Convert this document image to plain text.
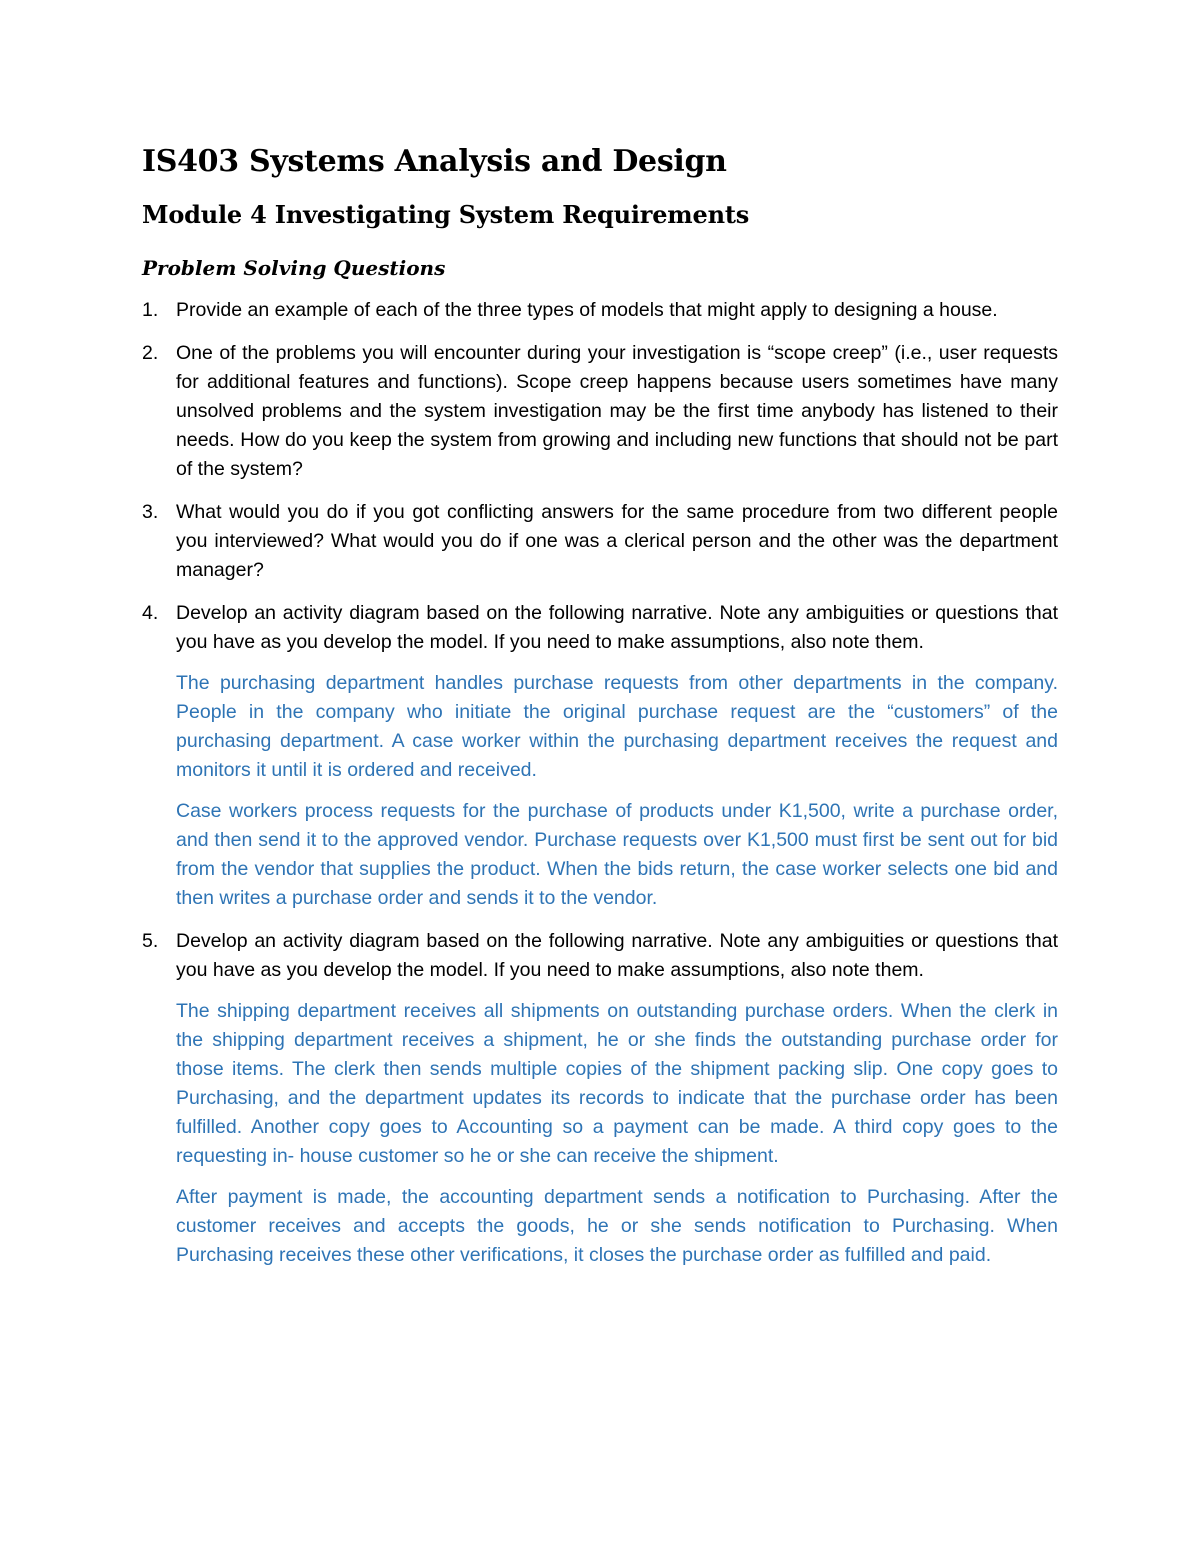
IS403 Systems Analysis and Design
Module 4 Investigating System Requirements
Problem Solving Questions
1. Provide an example of each of the three types of models that might apply to designing a house.

2. One of the problems you will encounter during your investigation is “scope creep” (i.e., user requests for additional features and functions). Scope creep happens because users sometimes have many unsolved problems and the system investigation may be the first time anybody has listened to their needs. How do you keep the system from growing and including new functions that should not be part of the system?

3. What would you do if you got conflicting answers for the same procedure from two different people you interviewed? What would you do if one was a clerical person and the other was the department manager?

4. Develop an activity diagram based on the following narrative. Note any ambiguities or questions that you have as you develop the model. If you need to make assumptions, also note them.

The purchasing department handles purchase requests from other departments in the company. People in the company who initiate the original purchase request are the “customers” of the purchasing department. A case worker within the purchasing department receives the request and monitors it until it is ordered and received.

Case workers process requests for the purchase of products under K1,500, write a purchase order, and then send it to the approved vendor. Purchase requests over K1,500 must first be sent out for bid from the vendor that supplies the product. When the bids return, the case worker selects one bid and then writes a purchase order and sends it to the vendor.

5. Develop an activity diagram based on the following narrative. Note any ambiguities or questions that you have as you develop the model. If you need to make assumptions, also note them.

The shipping department receives all shipments on outstanding purchase orders. When the clerk in the shipping department receives a shipment, he or she finds the outstanding purchase order for those items. The clerk then sends multiple copies of the shipment packing slip. One copy goes to Purchasing, and the department updates its records to indicate that the purchase order has been fulfilled. Another copy goes to Accounting so a payment can be made. A third copy goes to the requesting in- house customer so he or she can receive the shipment.

After payment is made, the accounting department sends a notification to Purchasing. After the customer receives and accepts the goods, he or she sends notification to Purchasing. When Purchasing receives these other verifications, it closes the purchase order as fulfilled and paid.
